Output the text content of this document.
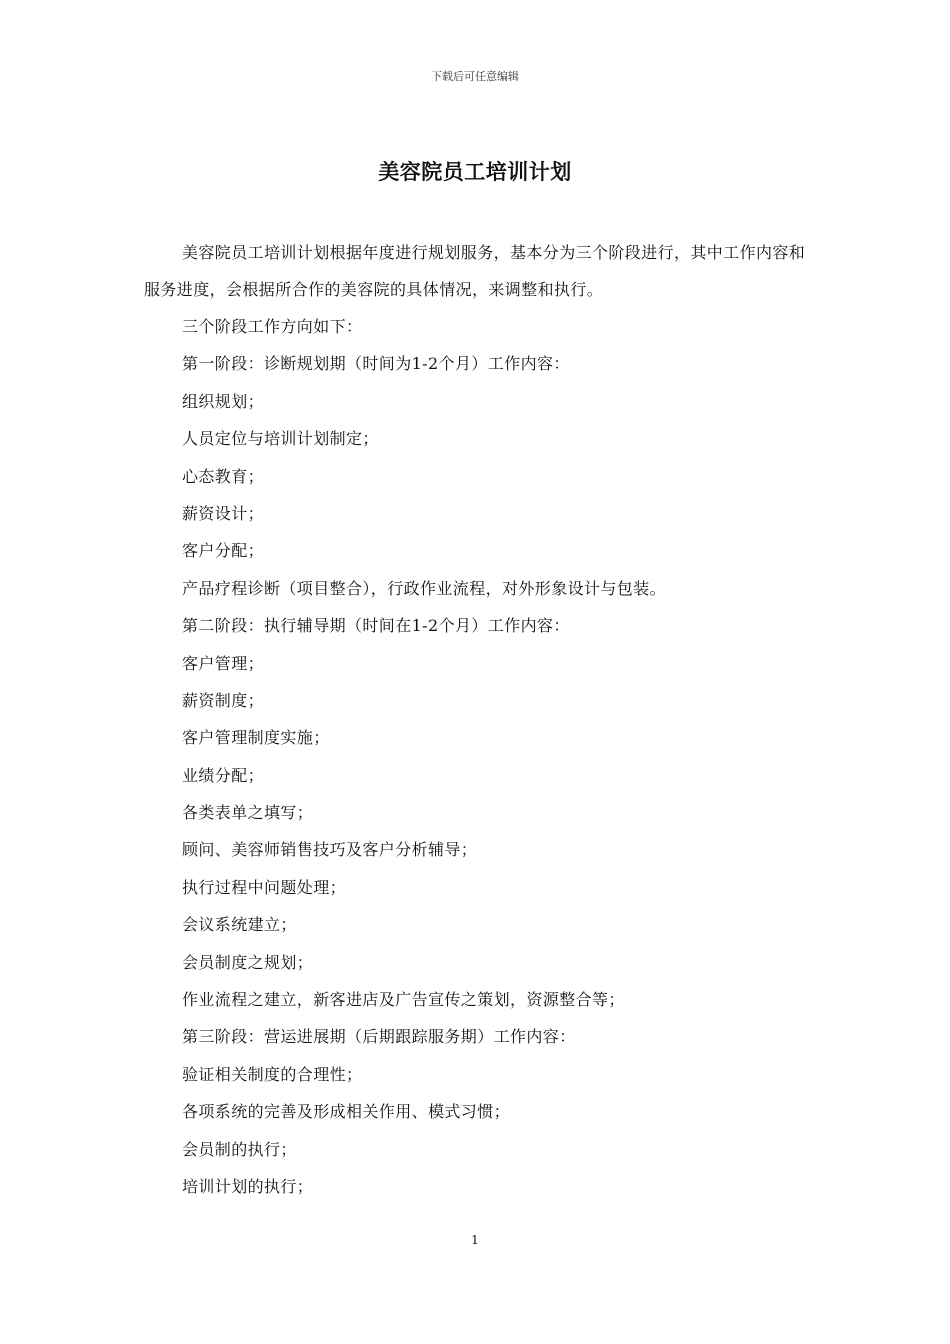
下载后可任意编辑
美容院员工培训计划

美容院员工培训计划根据年度进行规划服务，基本分为三个阶段进行，其中工作内容和服务进度，会根据所合作的美容院的具体情况，来调整和执行。

三个阶段工作方向如下：
第一阶段：诊断规划期（时间为1-2个月）工作内容：
组织规划；
人员定位与培训计划制定；
心态教育；
薪资设计；
客户分配；
产品疗程诊断（项目整合），行政作业流程，对外形象设计与包装。
第二阶段：执行辅导期（时间在1-2个月）工作内容：
客户管理；
薪资制度；
客户管理制度实施；
业绩分配；
各类表单之填写；
顾问、美容师销售技巧及客户分析辅导；
执行过程中问题处理；
会议系统建立；
会员制度之规划；
作业流程之建立，新客进店及广告宣传之策划，资源整合等；
第三阶段：营运进展期（后期跟踪服务期）工作内容：
验证相关制度的合理性；
各项系统的完善及形成相关作用、模式习惯；
会员制的执行；
培训计划的执行；
1
